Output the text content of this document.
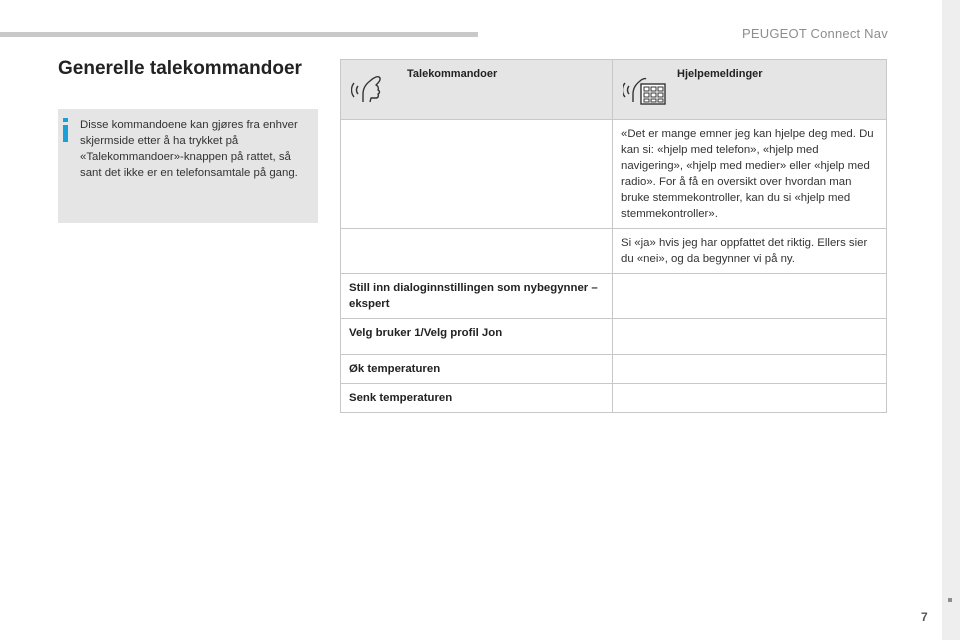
PEUGEOT Connect Nav
7
Generelle talekommandoer

Disse kommandoene kan gjøres fra enhver skjermside etter å ha trykket på «Talekommandoer»-knappen på rattet, så sant det ikke er en telefonsamtale på gang.

Talekommandoer	Hjelpemeldinger

	«Det er mange emner jeg kan hjelpe deg med. Du kan si: «hjelp med telefon», «hjelp med navigering», «hjelp med medier» eller «hjelp med radio». For å få en oversikt over hvordan man bruke stemmekontroller, kan du si «hjelp med stemmekontroller».
	Si «ja» hvis jeg har oppfattet det riktig. Ellers sier du «nei», og da begynner vi på ny.
Still inn dialoginnstillingen som nybegynner – ekspert	
Velg bruker 1/Velg profil Jon	
Øk temperaturen	
Senk temperaturen	
